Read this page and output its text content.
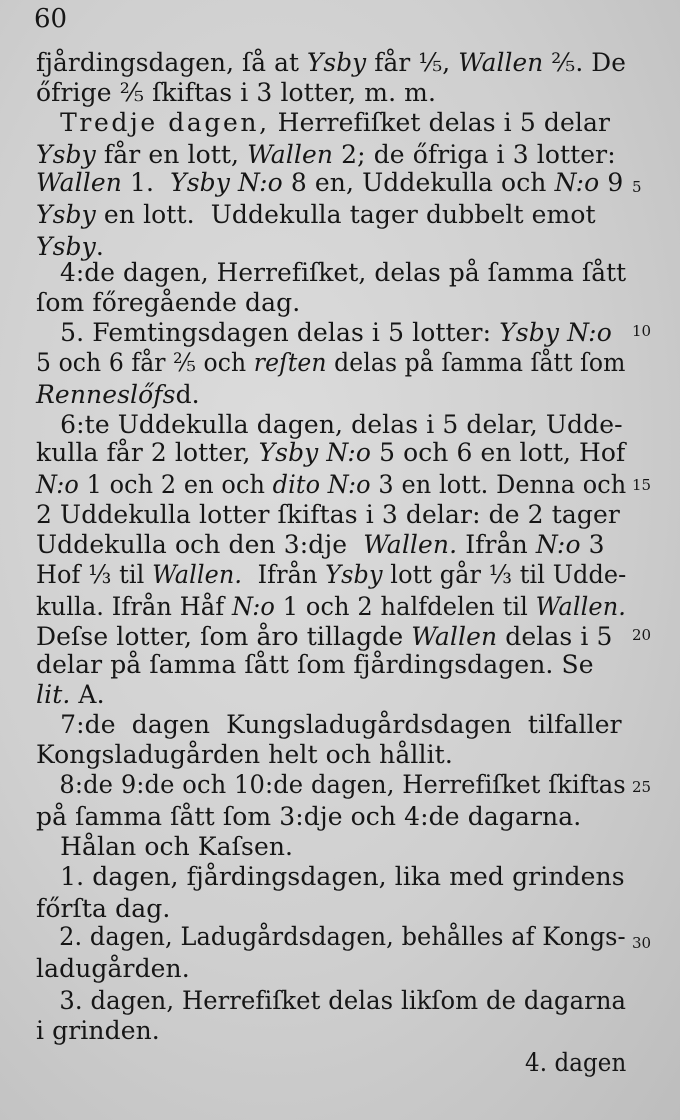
60
fjårdingsdagen, ſå at Ysby får ⅕, Wallen ⅖. De
őfrige ⅖ ſkiftas i 3 lotter, m. m.
Tredje dagen, Herrefiſket delas i 5 delar
Ysby får en lott, Wallen 2; de őfriga i 3 lotter:
Wallen 1.  Ysby N:o 8 en, Uddekulla och N:o 9
Ysby en lott.  Uddekulla tager dubbelt emot
Ysby.
4:de dagen, Herrefiſket, delas på ſamma ſått
ſom főregående dag.
5. Femtingsdagen delas i 5 lotter: Ysby N:o
5 och 6 får ⅖ och reſten delas på ſamma ſått ſom
Renneslőfsd.
6:te Uddekulla dagen, delas i 5 delar, Udde-
kulla får 2 lotter, Ysby N:o 5 och 6 en lott, Hof
N:o 1 och 2 en och dito N:o 3 en lott. Denna och
2 Uddekulla lotter ſkiftas i 3 delar: de 2 tager
Uddekulla och den 3:dje  Wallen. Ifrån N:o 3
Hof ⅓ til Wallen.  Ifrån Ysby lott går ⅓ til Udde-
kulla. Ifrån Håf N:o 1 och 2 halfdelen til Wallen.
Deſse lotter, ſom åro tillagde Wallen delas i 5
delar på ſamma ſått ſom fjårdingsdagen. Se
lit. A.
7:de  dagen  Kungsladugårdsdagen  tilfaller
Kongsladugården helt och hållit.
8:de 9:de och 10:de dagen, Herrefiſket ſkiftas
på ſamma ſått ſom 3:dje och 4:de dagarna.
Hålan och Kaſsen.
1. dagen, fjårdingsdagen, lika med grindens
főrſta dag.
2. dagen, Ladugårdsdagen, behålles af Kongs-
ladugården.
3. dagen, Herrefiſket delas likſom de dagarna
i grinden.
4. dagen
5
10
15
20
25
30
